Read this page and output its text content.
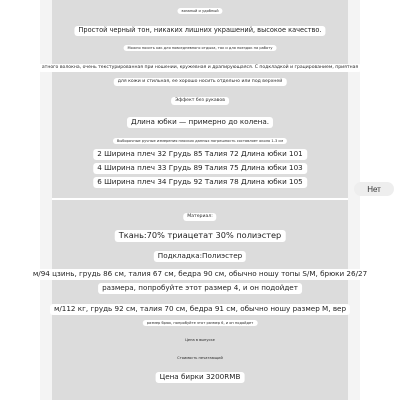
вязаный и удобный
Простой черный тон, никаких лишних украшений, высокое качество.
Можно носить как для повседневного отдыха, так и для поездок на работу
атного волокна, очень текстурированная при ношении, кружевная и драпирующаяся. С подкладкой и грацированием, приятная
для кожи и стильная, ее хорошо носить отдельно или под верхней
Эффект без рукавов
Длина юбки — примерно до колена.
Выборочные ручные измерения плоских данных погрешность составляет около 1-3 см
2 Ширина плеч 32 Грудь 85 Талия 72 Длина юбки 101
4 Ширина плеч 33 Грудь 89 Талия 75 Длина юбки 103
6 Ширина плеч 34 Грудь 92 Талия 78 Длина юбки 105
Нет
Материал:
Ткань:70% триацетат 30% полиэстер
Подкладка:Полиэстер
м/94 цзинь, грудь 86 см, талия 67 см, бедра 90 см, обычно ношу топы S/M, брюки 26/27
размера, попробуйте этот размер 4, и он подойдет
м/112 кг, грудь 92 см, талия 70 см, бедра 91 см, обычно ношу размер M, вер
размер брюк, попробуйте этот размер 6, и он подойдет
Цена в выпуске
Стоимость печатающий
Цена бирки 3200RMB
